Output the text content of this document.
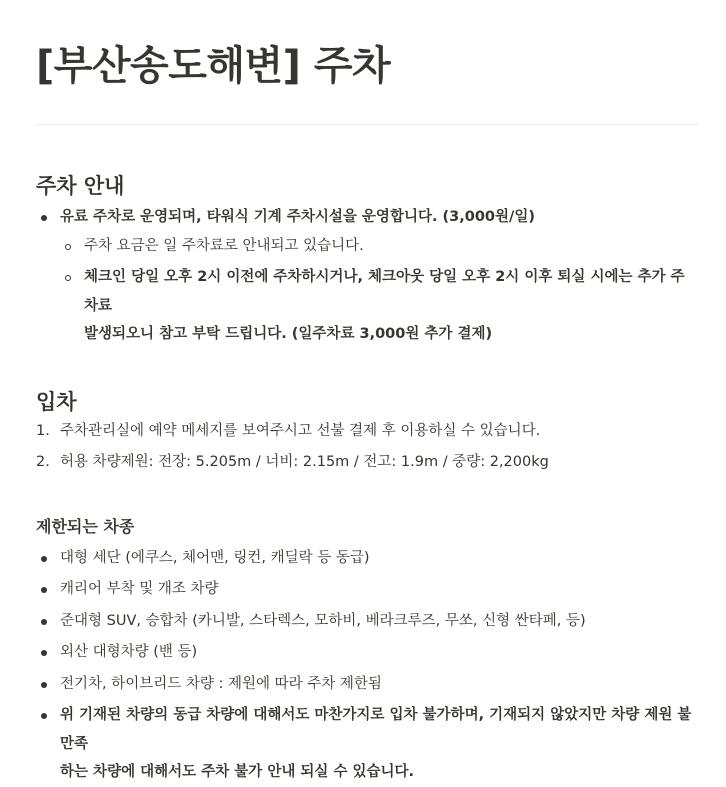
[부산송도해변] 주차
주차 안내
유료 주차로 운영되며, 타워식 기계 주차시설을 운영합니다. (3,000원/일)
주차 요금은 일 주차료로 안내되고 있습니다.
체크인 당일 오후 2시 이전에 주차하시거나, 체크아웃 당일 오후 2시 이후 퇴실 시에는 추가 주차료
발생되오니 참고 부탁 드립니다. (일주차료 3,000원 추가 결제)
입차
1. 주차관리실에 예약 메세지를 보여주시고 선불 결제 후 이용하실 수 있습니다.
2. 허용 차량제원: 전장: 5.205m / 너비: 2.15m / 전고: 1.9m / 중량: 2,200kg
제한되는 차종
대형 세단 (에쿠스, 체어맨, 링컨, 캐딜락 등 동급)
캐리어 부착 및 개조 차량
준대형 SUV, 승합차 (카니발, 스타렉스, 모하비, 베라크루즈, 무쏘, 신형 싼타페, 등)
외산 대형차량 (밴 등)
전기차, 하이브리드 차량 : 제원에 따라 주차 제한됨
위 기재된 차량의 동급 차량에 대해서도 마찬가지로 입차 불가하며, 기재되지 않았지만 차량 제원 불만족
하는 차량에 대해서도 주차 불가 안내 되실 수 있습니다.
